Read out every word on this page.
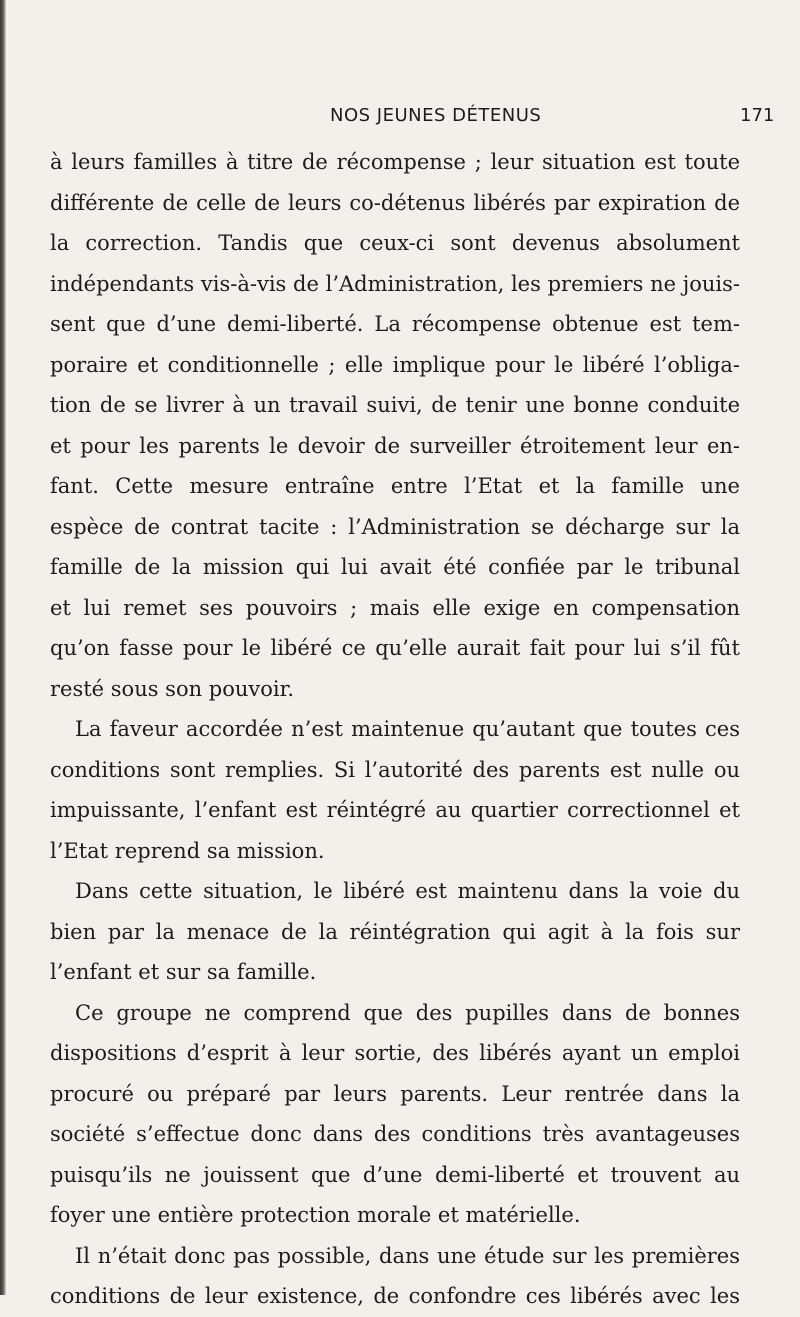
NOS JEUNES DÉTENUS	171
à leurs familles à titre de récompense ; leur situation est toute
différente de celle de leurs co-détenus libérés par expiration de
la correction. Tandis que ceux-ci sont devenus absolument
indépendants vis-à-vis de l’Administration, les premiers ne jouis-
sent que d’une demi-liberté. La récompense obtenue est tem-
poraire et conditionnelle ; elle implique pour le libéré l’obliga-
tion de se livrer à un travail suivi, de tenir une bonne conduite
et pour les parents le devoir de surveiller étroitement leur en-
fant. Cette mesure entraîne entre l’Etat et la famille une
espèce de contrat tacite : l’Administration se décharge sur la
famille de la mission qui lui avait été confiée par le tribunal
et lui remet ses pouvoirs ; mais elle exige en compensation
qu’on fasse pour le libéré ce qu’elle aurait fait pour lui s’il fût
resté sous son pouvoir.
La faveur accordée n’est maintenue qu’autant que toutes ces
conditions sont remplies. Si l’autorité des parents est nulle ou
impuissante, l’enfant est réintégré au quartier correctionnel et
l’Etat reprend sa mission.
Dans cette situation, le libéré est maintenu dans la voie du
bien par la menace de la réintégration qui agit à la fois sur
l’enfant et sur sa famille.
Ce groupe ne comprend que des pupilles dans de bonnes
dispositions d’esprit à leur sortie, des libérés ayant un emploi
procuré ou préparé par leurs parents. Leur rentrée dans la
société s’effectue donc dans des conditions très avantageuses
puisqu’ils ne jouissent que d’une demi-liberté et trouvent au
foyer une entière protection morale et matérielle.
Il n’était donc pas possible, dans une étude sur les premières
conditions de leur existence, de confondre ces libérés avec les
